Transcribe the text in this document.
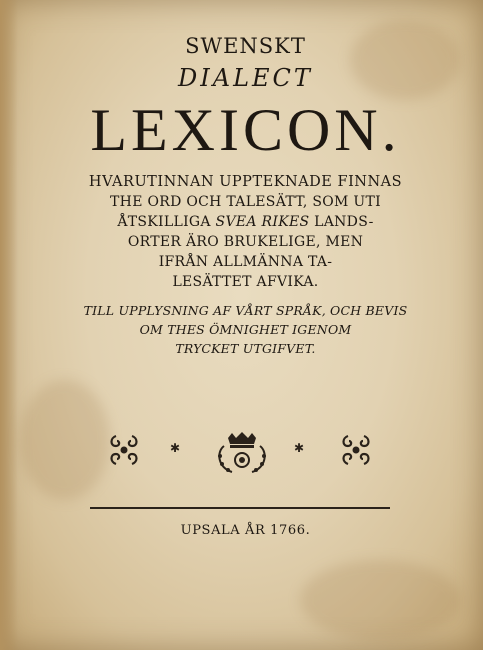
SWENSKT
DIALECT
LEXICON.
HVARUTINNAN UPPTEKNADE FINNAS
THE ORD OCH TALESÄTT, SOM UTI
ÅTSKILLIGA SVEA RIKES LANDS-
ORTER ÄRO BRUKELIGE, MEN
IFRÅN ALLMÄNNA TA-
LESÄTTET AFVIKA.
TILL UPPLYSNING AF VÅRT SPRÅK, OCH BEVIS
OM THES ÖMNIGHET IGENOM
TRYCKET UTGIFVET.
✱	✱
UPSALA ÅR 1766.
